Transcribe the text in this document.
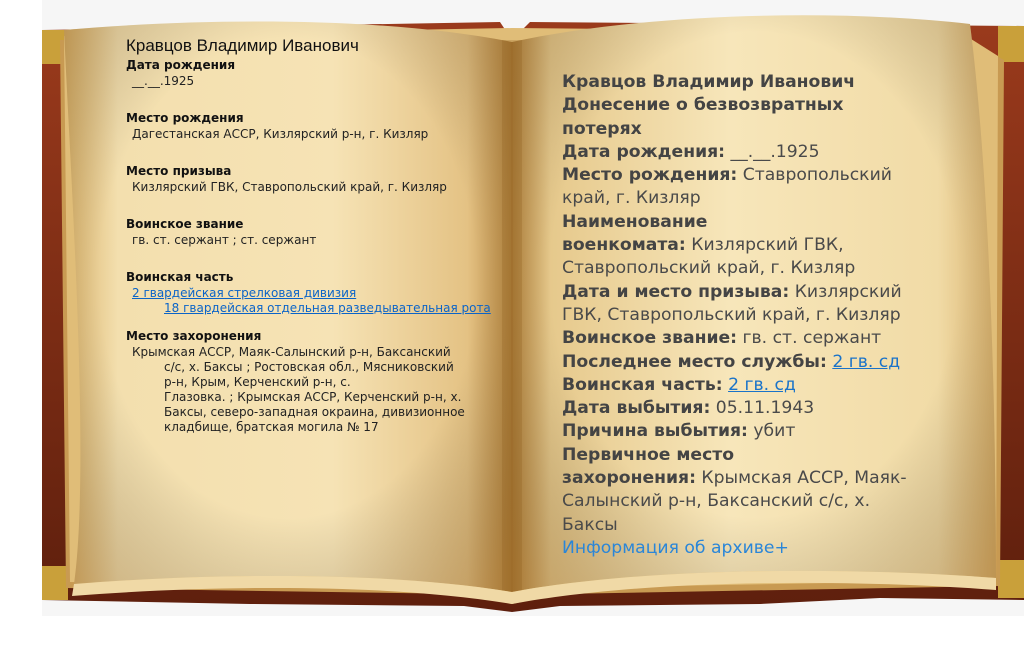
Кравцов Владимир Иванович
Дата рождения
__.__.1925
Место рождения
Дагестанская АССР, Кизлярский р-н, г. Кизляр
Место призыва
Кизлярский ГВК, Ставропольский край, г. Кизляр
Воинское звание
гв. ст. сержант ; ст. сержант
Воинская часть
2 гвардейская стрелковая дивизия
18 гвардейская отдельная разведывательная рота
Место захоронения
Крымская АССР, Маяк-Салынский р-н, Баксанский
с/с, х. Баксы ; Ростовская обл., Мясниковский
р-н, Крым, Керченский р-н, с.
Глазовка. ; Крымская АССР, Керченский р-н, х.
Баксы, северо-западная окраина, дивизионное
кладбище, братская могила № 17
Кравцов Владимир Иванович
Донесение о безвозвратных
потерях
Дата рождения: __.__.1925
Место рождения: Ставропольский
край, г. Кизляр
Наименование
военкомата: Кизлярский ГВК,
Ставропольский край, г. Кизляр
Дата и место призыва: Кизлярский
ГВК, Ставропольский край, г. Кизляр
Воинское звание: гв. ст. сержант
Последнее место службы: 2 гв. сд
Воинская часть: 2 гв. сд
Дата выбытия: 05.11.1943
Причина выбытия: убит
Первичное место
захоронения: Крымская АССР, Маяк-
Салынский р-н, Баксанский с/с, х.
Баксы
Информация об архиве+
